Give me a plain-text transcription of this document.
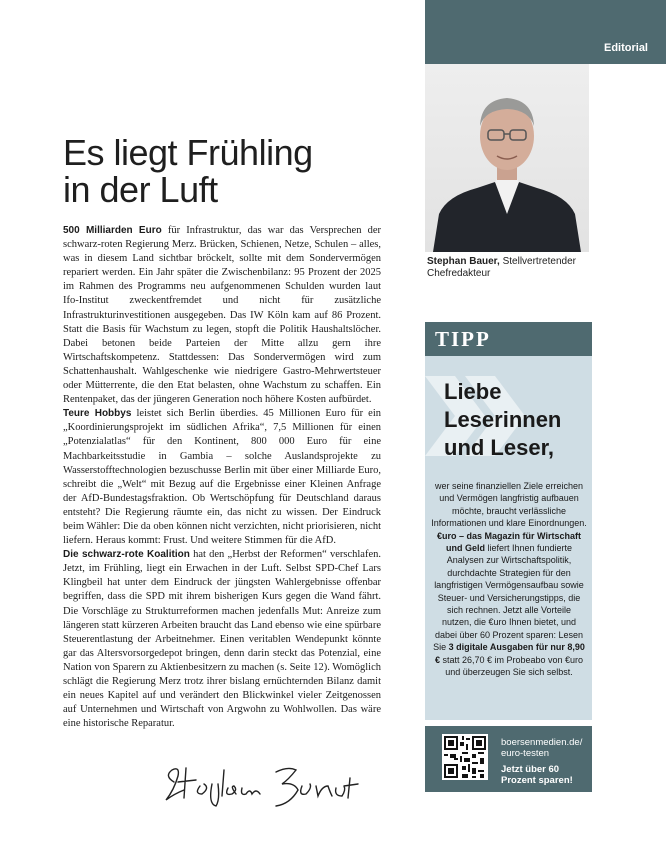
Editorial
Stephan Bauer, Stellvertretender Chefredakteur
Es liegt Frühling
in der Luft

500 Milliarden Euro für Infrastruktur, das war das Versprechen der schwarz-roten Regierung Merz. Brücken, Schienen, Netze, Schulen – alles, was in diesem Land sichtbar bröckelt, sollte mit dem Sondervermögen repariert werden. Ein Jahr später die Zwischenbilanz: 95 Prozent der 2025 im Rahmen des Programms neu aufgenommenen Schulden wurden laut Ifo-Institut zweckentfremdet und nicht für zusätzliche Infrastrukturinvestitionen ausgegeben. Das IW Köln kam auf 86 Prozent. Statt die Basis für Wachstum zu legen, stopft die Politik Haushaltslöcher. Dabei betonen beide Parteien der Mitte allzu gern ihre Wirtschaftskompetenz. Stattdessen: Das Sondervermögen wird zum Schattenhaushalt. Wahlgeschenke wie niedrigere Gastro-Mehrwertsteuer oder Mütterrente, die den Etat belasten, ohne Wachstum zu schaffen. Ein Rentenpaket, das der jüngeren Generation noch höhere Kosten aufbürdet.

Teure Hobbys leistet sich Berlin überdies. 45 Millionen Euro für ein „Koordinierungsprojekt im südlichen Afrika“, 7,5 Millionen für einen „Potenzialatlas“ für den Kontinent, 800 000 Euro für eine Machbarkeitsstudie in Gambia – solche Auslandsprojekte zu Wasserstofftechnologien bezuschusse Berlin mit über einer Milliarde Euro, schreibt die „Welt“ mit Bezug auf die Ergebnisse einer Kleinen Anfrage der AfD-Bundestagsfraktion. Ob Wertschöpfung für Deutschland daraus entsteht? Die Regierung räumte ein, das nicht zu wissen. Der Eindruck beim Wähler: Die da oben können nicht verzichten, nicht priorisieren, nicht liefern. Heraus kommt: Frust. Und weitere Stimmen für die AfD.

Die schwarz-rote Koalition hat den „Herbst der Reformen“ verschlafen. Jetzt, im Frühling, liegt ein Erwachen in der Luft. Selbst SPD-Chef Lars Klingbeil hat unter dem Eindruck der jüngsten Wahlergebnisse offenbar begriffen, dass die SPD mit ihrem bisherigen Kurs gegen die Wand fährt. Die Vorschläge zu Strukturreformen machen jedenfalls Mut: Anreize zum längeren statt kürzeren Arbeiten braucht das Land ebenso wie eine spürbare Steuerentlastung der Arbeitnehmer. Einen veritablen Wendepunkt könnte gar das Altersvorsorgedepot bringen, denn darin steckt das Potenzial, eine Nation von Sparern zu Aktienbesitzern zu machen (s. Seite 12). Womöglich schlägt die Regierung Merz trotz ihrer bislang ernüchternden Bilanz damit ein neues Kapitel auf und verändert den Blickwinkel vieler Zeitgenossen auf Unternehmen und Wirtschaft von Argwohn zu Wohlwollen. Das wäre eine historische Reparatur.

TIPP
Liebe
Leserinnen
und Leser,
wer seine finanziellen Ziele erreichen und Vermögen langfristig aufbauen möchte, braucht verlässliche Informationen und klare Einordnungen. €uro – das Magazin für Wirtschaft und Geld liefert Ihnen fundierte Analysen zur Wirtschaftspolitik, durchdachte Strategien für den langfristigen Vermögensaufbau sowie Steuer- und Versicherungstipps, die sich rechnen. Jetzt alle Vorteile nutzen, die €uro Ihnen bietet, und dabei über 60 Prozent sparen: Lesen Sie 3 digitale Ausgaben für nur 8,90 € statt 26,70 € im Probeabo von €uro und überzeugen Sie sich selbst.
boersenmedien.de/
euro-testen
Jetzt über 60
Prozent sparen!
